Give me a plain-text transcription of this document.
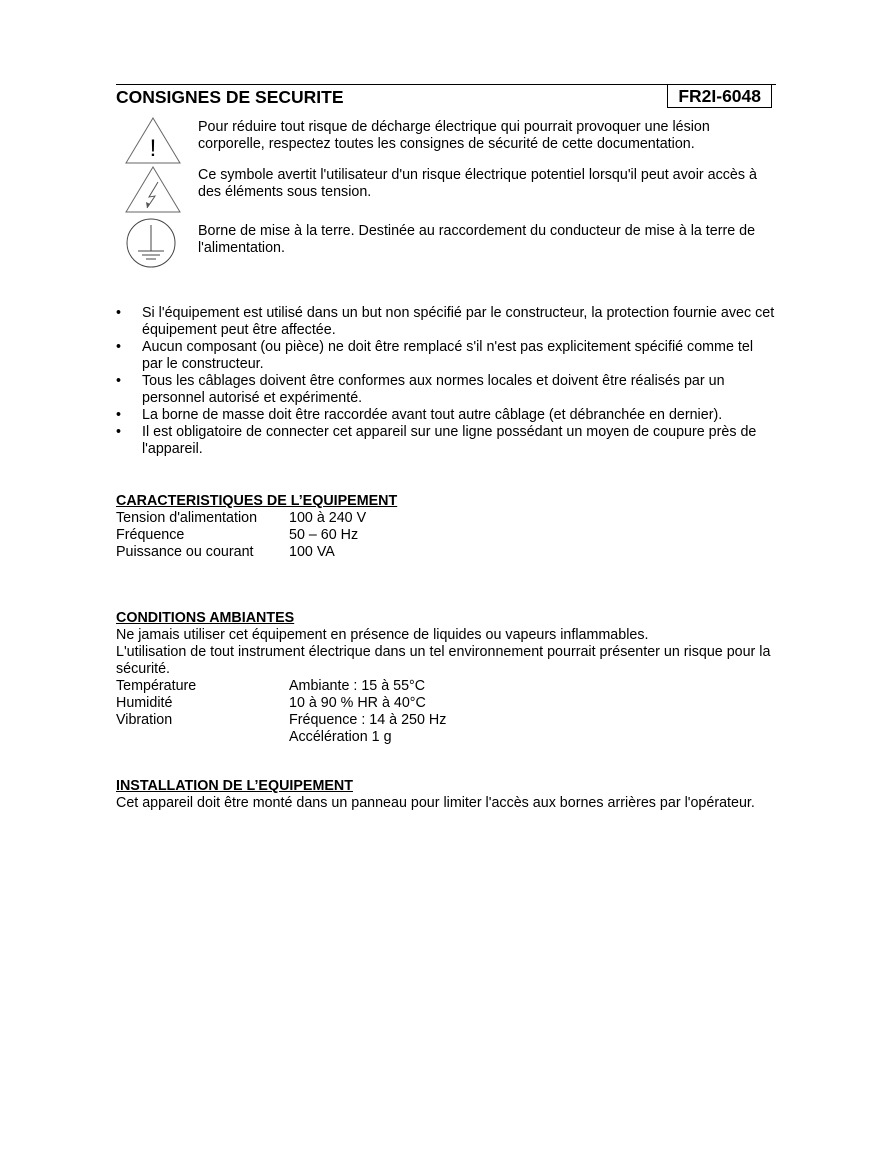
CONSIGNES DE SECURITE	FR2I-6048
!
Pour réduire tout risque de décharge électrique qui pourrait provoquer une lésion corporelle, respectez toutes les consignes de sécurité de cette documentation.
Ce symbole avertit l'utilisateur d'un risque électrique potentiel lorsqu'il peut avoir accès à des éléments sous tension.
Borne de mise à la terre. Destinée au raccordement du conducteur de mise à la terre de l'alimentation.
• Si l'équipement est utilisé dans un but non spécifié par le constructeur, la protection fournie avec cet équipement peut être affectée.
• Aucun composant (ou pièce) ne doit être remplacé s'il n'est pas explicitement spécifié comme tel par le constructeur.
• Tous les câblages doivent être conformes aux normes locales et doivent être réalisés par un personnel autorisé et expérimenté.
• La borne de masse doit être raccordée avant tout autre câblage (et débranchée en dernier).
• Il est obligatoire de connecter cet appareil sur une ligne possédant un moyen de coupure près de l'appareil.
CARACTERISTIQUES DE L’EQUIPEMENT
Tension d'alimentation	100 à 240 V
Fréquence	50 – 60 Hz
Puissance ou courant	100 VA
CONDITIONS AMBIANTES

Ne jamais utiliser cet équipement en présence de liquides ou vapeurs inflammables.

L'utilisation de tout instrument électrique dans un tel environnement pourrait présenter un risque pour la sécurité.

Température	Ambiante : 15 à 55°C
Humidité	10 à 90 % HR à 40°C
Vibration	Fréquence : 14 à 250 Hz
Accélération 1 g
INSTALLATION DE L’EQUIPEMENT

Cet appareil doit être monté dans un panneau pour limiter l'accès aux bornes arrières par l'opérateur.
